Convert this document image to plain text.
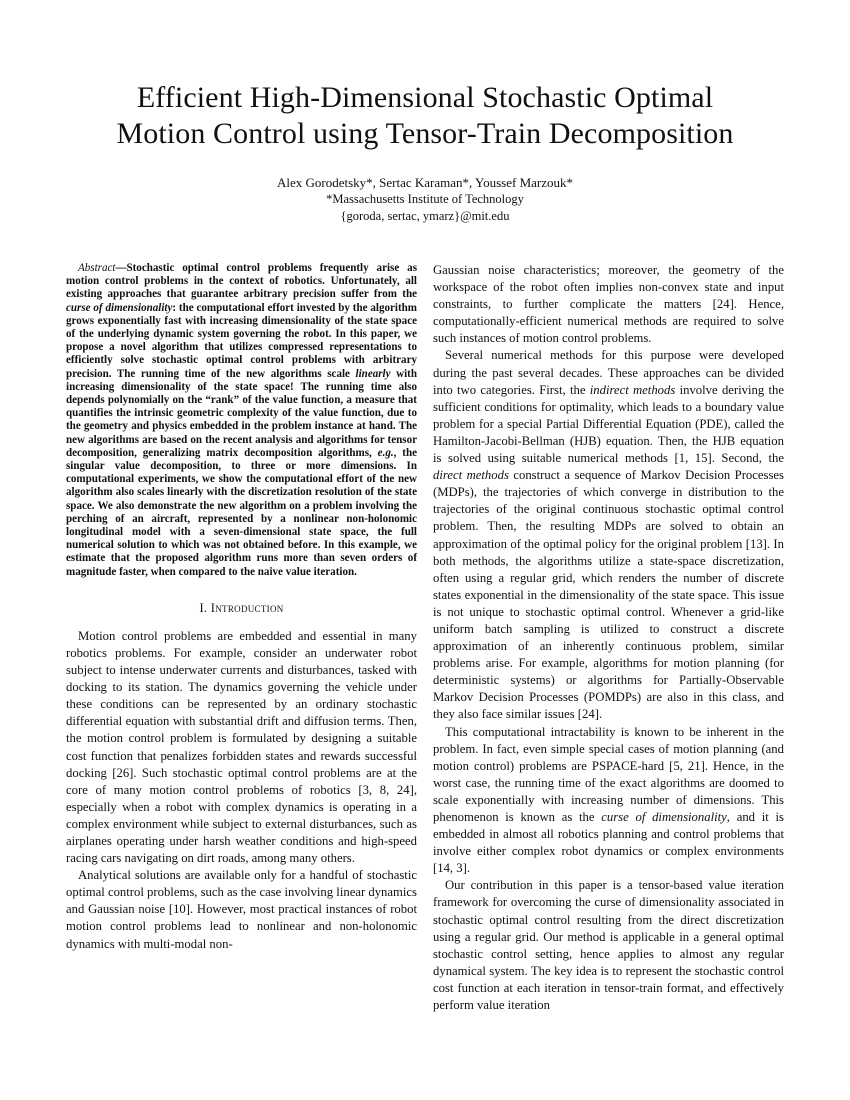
Efficient High-Dimensional Stochastic Optimal
Motion Control using Tensor-Train Decomposition
Alex Gorodetsky*, Sertac Karaman*, Youssef Marzouk*
*Massachusetts Institute of Technology
{goroda, sertac, ymarz}@mit.edu

Abstract—Stochastic optimal control problems frequently arise as motion control problems in the context of robotics. Unfortunately, all existing approaches that guarantee arbitrary precision suffer from the curse of dimensionality: the computational effort invested by the algorithm grows exponentially fast with increasing dimensionality of the state space of the underlying dynamic system governing the robot. In this paper, we propose a novel algorithm that utilizes compressed representations to efficiently solve stochastic optimal control problems with arbitrary precision. The running time of the new algorithms scale linearly with increasing dimensionality of the state space! The running time also depends polynomially on the “rank” of the value function, a measure that quantifies the intrinsic geometric complexity of the value function, due to the geometry and physics embedded in the problem instance at hand. The new algorithms are based on the recent analysis and algorithms for tensor decomposition, generalizing matrix decomposition algorithms, e.g., the singular value decomposition, to three or more dimensions. In computational experiments, we show the computational effort of the new algorithm also scales linearly with the discretization resolution of the state space. We also demonstrate the new algorithm on a problem involving the perching of an aircraft, represented by a nonlinear non-holonomic longitudinal model with a seven-dimensional state space, the full numerical solution to which was not obtained before. In this example, we estimate that the proposed algorithm runs more than seven orders of magnitude faster, when compared to the naive value iteration.

I. Introduction

Motion control problems are embedded and essential in many robotics problems. For example, consider an underwater robot subject to intense underwater currents and disturbances, tasked with docking to its station. The dynamics governing the vehicle under these conditions can be represented by an ordinary stochastic differential equation with substantial drift and diffusion terms. Then, the motion control problem is formulated by designing a suitable cost function that penalizes forbidden states and rewards successful docking [26]. Such stochastic optimal control problems are at the core of many motion control problems of robotics [3, 8, 24], especially when a robot with complex dynamics is operating in a complex environment while subject to external disturbances, such as airplanes operating under harsh weather conditions and high-speed racing cars navigating on dirt roads, among many others.

Analytical solutions are available only for a handful of stochastic optimal control problems, such as the case involving linear dynamics and Gaussian noise [10]. However, most practical instances of robot motion control problems lead to nonlinear and non-holonomic dynamics with multi-modal non-

Gaussian noise characteristics; moreover, the geometry of the workspace of the robot often implies non-convex state and input constraints, to further complicate the matters [24]. Hence, computationally-efficient numerical methods are required to solve such instances of motion control problems.

Several numerical methods for this purpose were developed during the past several decades. These approaches can be divided into two categories. First, the indirect methods involve deriving the sufficient conditions for optimality, which leads to a boundary value problem for a special Partial Differential Equation (PDE), called the Hamilton-Jacobi-Bellman (HJB) equation. Then, the HJB equation is solved using suitable numerical methods [1, 15]. Second, the direct methods construct a sequence of Markov Decision Processes (MDPs), the trajectories of which converge in distribution to the trajectories of the original continuous stochastic optimal control problem. Then, the resulting MDPs are solved to obtain an approximation of the optimal policy for the original problem [13]. In both methods, the algorithms utilize a state-space discretization, often using a regular grid, which renders the number of discrete states exponential in the dimensionality of the state space. This issue is not unique to stochastic optimal control. Whenever a grid-like uniform batch sampling is utilized to construct a discrete approximation of an inherently continuous problem, similar problems arise. For example, algorithms for motion planning (for deterministic systems) or algorithms for Partially-Observable Markov Decision Processes (POMDPs) are also in this class, and they also face similar issues [24].

This computational intractability is known to be inherent in the problem. In fact, even simple special cases of motion planning (and motion control) problems are PSPACE-hard [5, 21]. Hence, in the worst case, the running time of the exact algorithms are doomed to scale exponentially with increasing number of dimensions. This phenomenon is known as the curse of dimensionality, and it is embedded in almost all robotics planning and control problems that involve either complex robot dynamics or complex environments [14, 3].

Our contribution in this paper is a tensor-based value iteration framework for overcoming the curse of dimensionality associated in stochastic optimal control resulting from the direct discretization using a regular grid. Our method is applicable in a general optimal stochastic control setting, hence applies to almost any regular dynamical system. The key idea is to represent the stochastic control cost function at each iteration in tensor-train format, and effectively perform value iteration
